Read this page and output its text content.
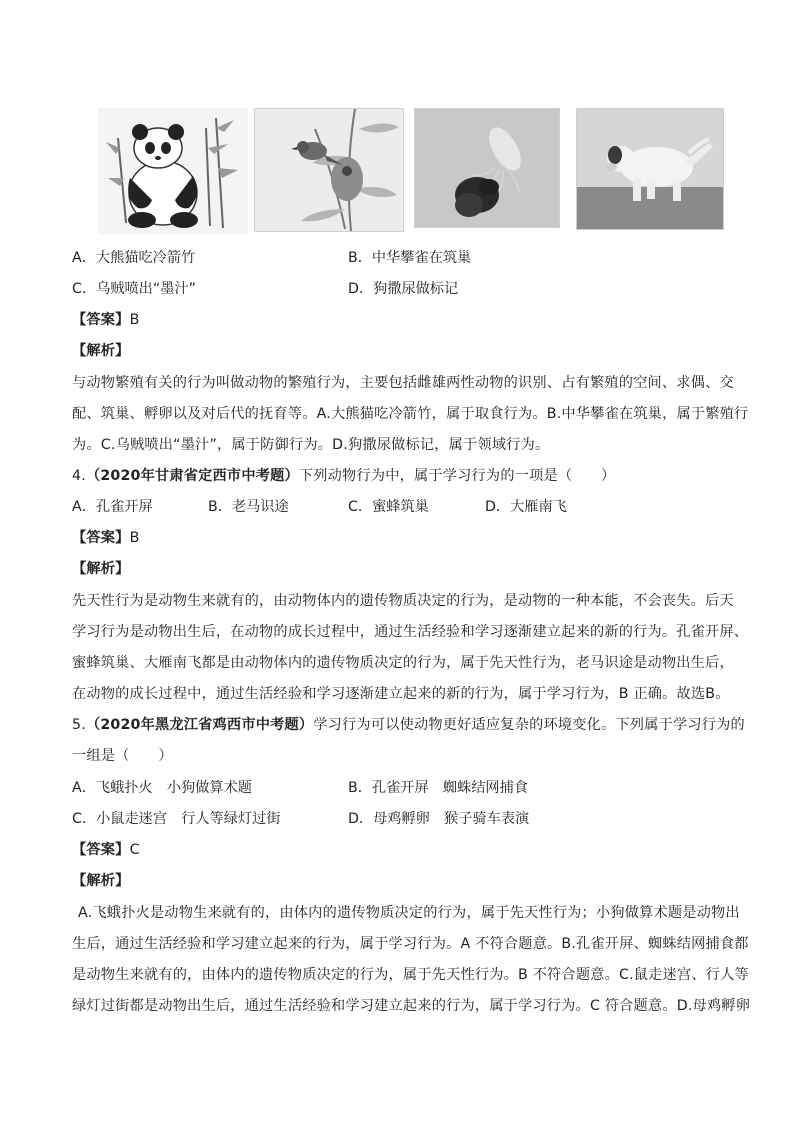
A．大熊猫吃冷箭竹	B．中华攀雀在筑巢
C．乌贼喷出“墨汁”	D．狗撒尿做标记
【答案】B
【解析】
与动物繁殖有关的行为叫做动物的繁殖行为，主要包括雌雄两性动物的识别、占有繁殖的空间、求偶、交
配、筑巢、孵卵以及对后代的抚育等。A.大熊猫吃冷箭竹，属于取食行为。B.中华攀雀在筑巢，属于繁殖行
为。C.乌贼喷出“墨汁”，属于防御行为。D.狗撒尿做标记，属于领域行为。
4.（2020年甘肃省定西市中考题）下列动物行为中，属于学习行为的一项是（　　）
A．孔雀开屏	B．老马识途	C．蜜蜂筑巢	D．大雁南飞
【答案】B
【解析】
先天性行为是动物生来就有的，由动物体内的遗传物质决定的行为，是动物的一种本能，不会丧失。后天
学习行为是动物出生后，在动物的成长过程中，通过生活经验和学习逐渐建立起来的新的行为。孔雀开屏、
蜜蜂筑巢、大雁南飞都是由动物体内的遗传物质决定的行为，属于先天性行为，老马识途是动物出生后，
在动物的成长过程中，通过生活经验和学习逐渐建立起来的新的行为，属于学习行为，B 正确。故选B。
5.（2020年黑龙江省鸡西市中考题）学习行为可以使动物更好适应复杂的环境变化。下列属于学习行为的
一组是（　　）
A．飞蛾扑火　小狗做算术题	B．孔雀开屏　蜘蛛结网捕食
C．小鼠走迷宫　行人等绿灯过街	D．母鸡孵卵　猴子骑车表演
【答案】C
【解析】
A.飞蛾扑火是动物生来就有的，由体内的遗传物质决定的行为，属于先天性行为；小狗做算术题是动物出
生后，通过生活经验和学习建立起来的行为，属于学习行为。A 不符合题意。B.孔雀开屏、蜘蛛结网捕食都
是动物生来就有的，由体内的遗传物质决定的行为，属于先天性行为。B 不符合题意。C.鼠走迷宫、行人等
绿灯过街都是动物出生后，通过生活经验和学习建立起来的行为，属于学习行为。C 符合题意。D.母鸡孵卵
